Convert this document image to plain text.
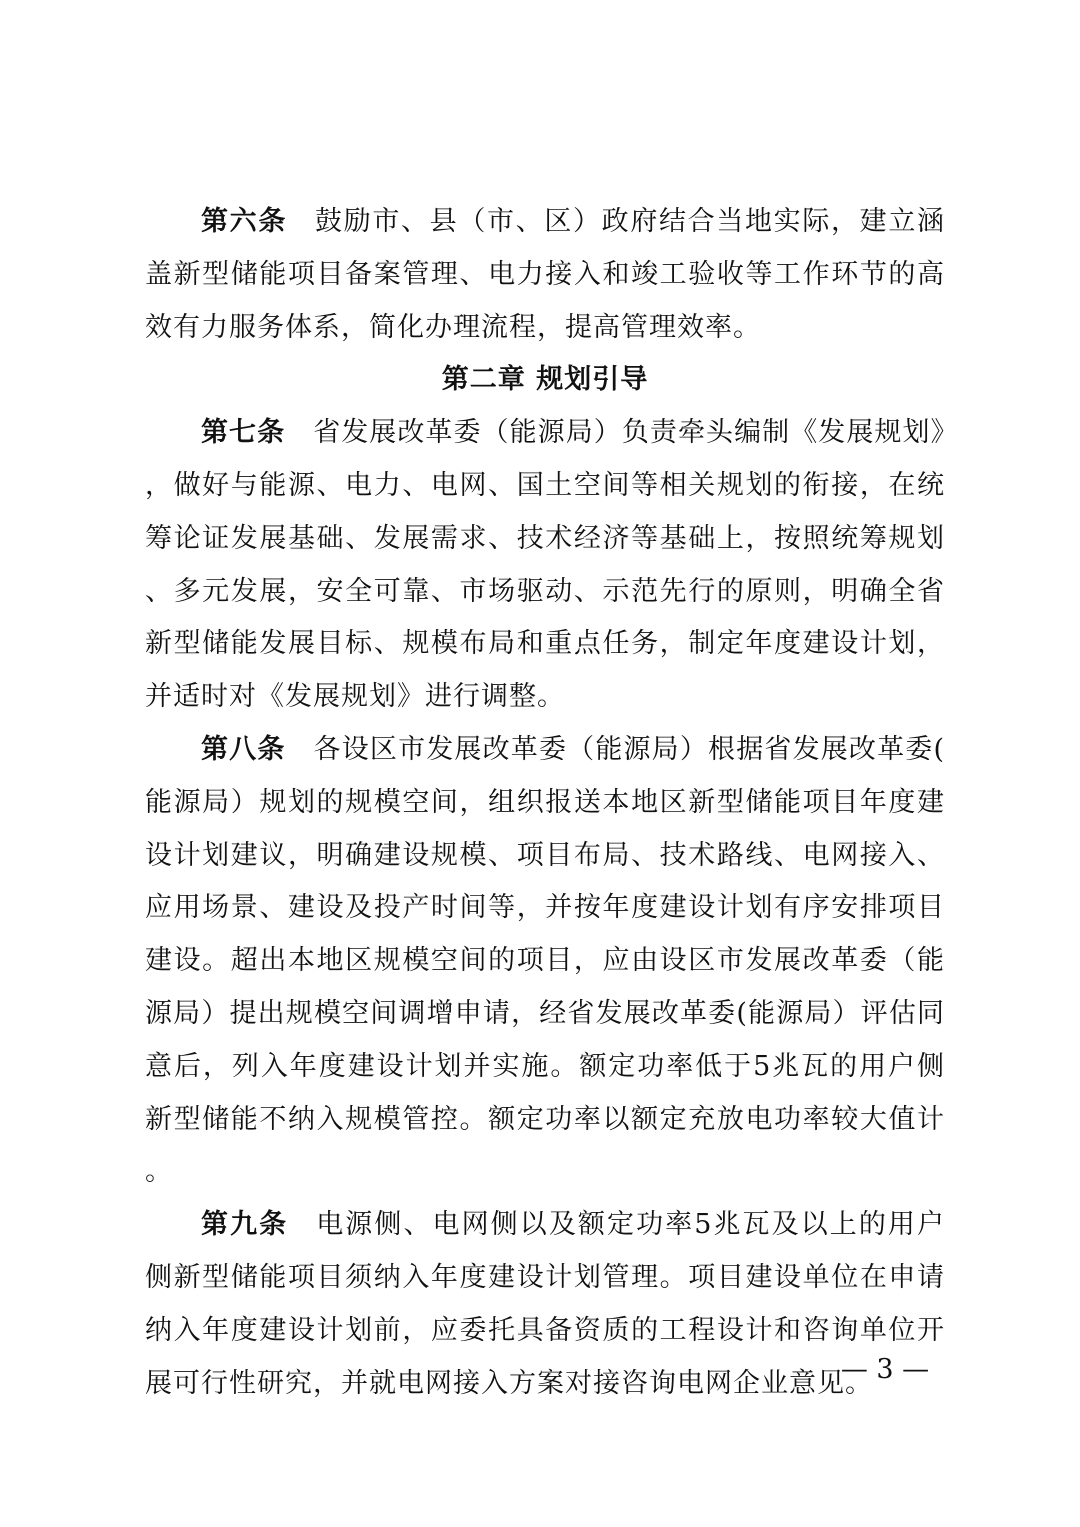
第六条 鼓励市、县（市、区）政府结合当地实际，建立涵盖新型储能项目备案管理、电力接入和竣工验收等工作环节的高效有力服务体系，简化办理流程，提高管理效率。

第二章 规划引导

第七条 省发展改革委（能源局）负责牵头编制《发展规划》，做好与能源、电力、电网、国土空间等相关规划的衔接，在统筹论证发展基础、发展需求、技术经济等基础上，按照统筹规划、多元发展，安全可靠、市场驱动、示范先行的原则，明确全省新型储能发展目标、规模布局和重点任务，制定年度建设计划，并适时对《发展规划》进行调整。

第八条 各设区市发展改革委（能源局）根据省发展改革委(能源局）规划的规模空间，组织报送本地区新型储能项目年度建设计划建议，明确建设规模、项目布局、技术路线、电网接入、应用场景、建设及投产时间等，并按年度建设计划有序安排项目建设。超出本地区规模空间的项目，应由设区市发展改革委（能源局）提出规模空间调增申请，经省发展改革委(能源局）评估同意后，列入年度建设计划并实施。额定功率低于5兆瓦的用户侧新型储能不纳入规模管控。额定功率以额定充放电功率较大值计。

第九条 电源侧、电网侧以及额定功率5兆瓦及以上的用户侧新型储能项目须纳入年度建设计划管理。项目建设单位在申请纳入年度建设计划前，应委托具备资质的工程设计和咨询单位开展可行性研究，并就电网接入方案对接咨询电网企业意见。

— 3 —
